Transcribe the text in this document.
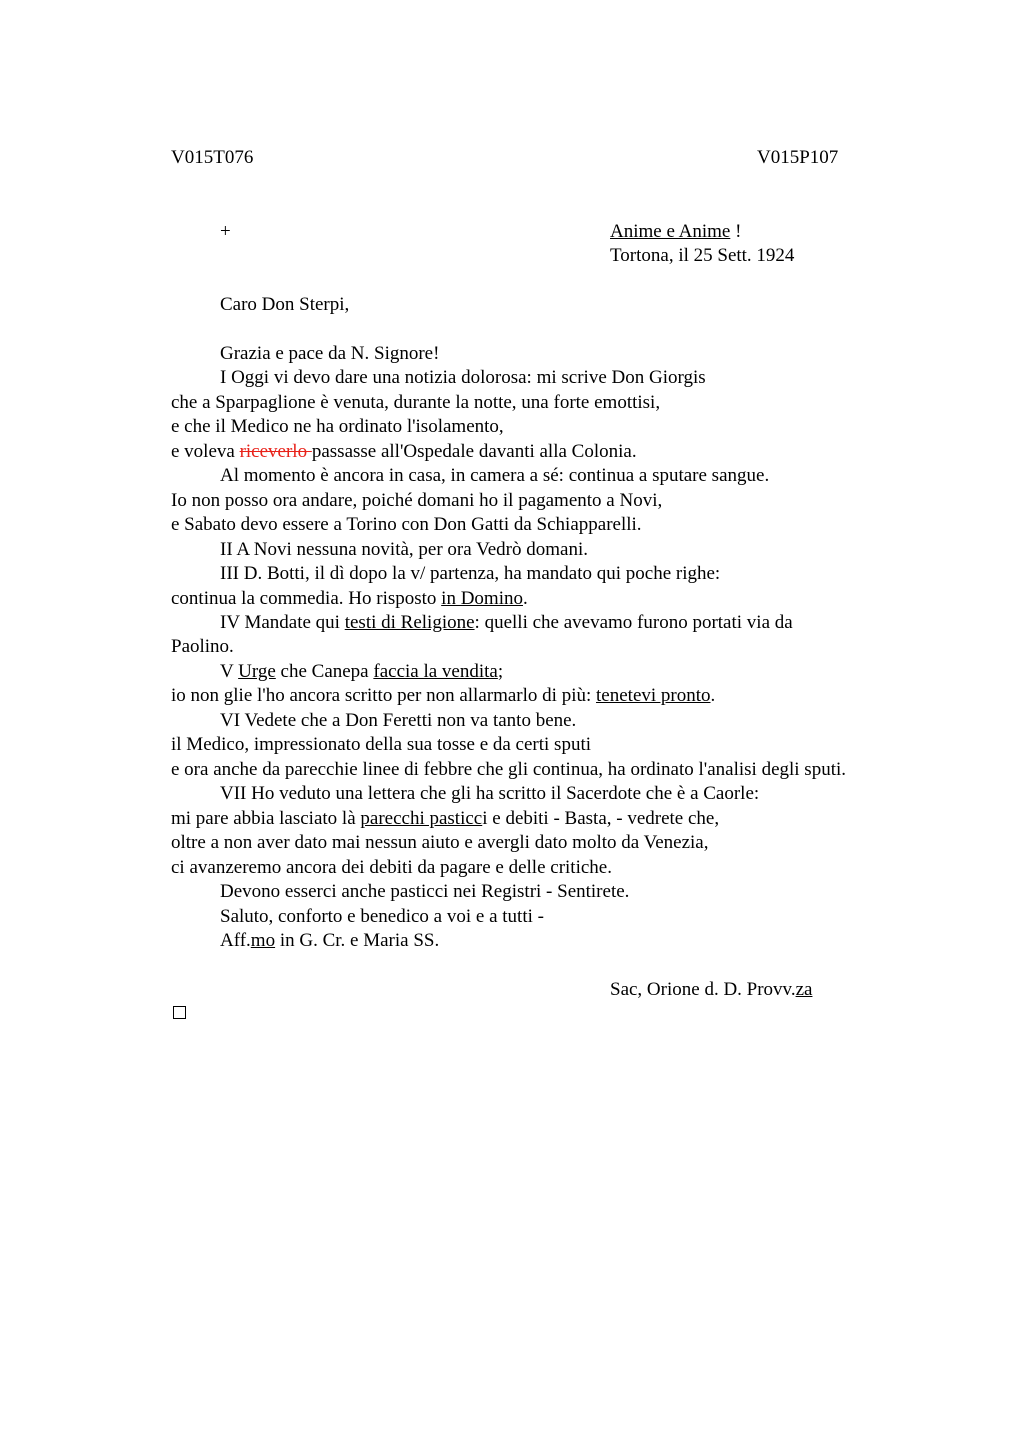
V015T076	V015P107
+	Anime e Anime !
Tortona, il 25 Sett. 1924
Caro Don Sterpi,
Grazia e pace da N. Signore!
I Oggi vi devo dare una notizia dolorosa: mi scrive Don Giorgis
che a Sparpaglione è venuta, durante la notte, una forte emottisi,
e che il Medico ne ha ordinato l'isolamento,
e voleva riceverlo passasse all'Ospedale davanti alla Colonia.
Al momento è ancora in casa, in camera a sé: continua a sputare sangue.
Io non posso ora andare, poiché domani ho il pagamento a Novi,
e Sabato devo essere a Torino con Don Gatti da Schiapparelli.
II A Novi nessuna novità, per ora Vedrò domani.
III D. Botti, il dì dopo la v/ partenza, ha mandato qui poche righe:
continua la commedia. Ho risposto in Domino.
IV Mandate qui testi di Religione: quelli che avevamo furono portati via da
Paolino.
V Urge che Canepa faccia la vendita;
io non glie l'ho ancora scritto per non allarmarlo di più: tenetevi pronto.
VI Vedete che a Don Feretti non va tanto bene.
il Medico, impressionato della sua tosse e da certi sputi
e ora anche da parecchie linee di febbre che gli continua, ha ordinato l'analisi degli sputi.
VII Ho veduto una lettera che gli ha scritto il Sacerdote che è a Caorle:
mi pare abbia lasciato là parecchi pasticci e debiti - Basta, - vedrete che,
oltre a non aver dato mai nessun aiuto e avergli dato molto da Venezia,
ci avanzeremo ancora dei debiti da pagare e delle critiche.
Devono esserci anche pasticci nei Registri - Sentirete.
Saluto, conforto e benedico a voi e a tutti -
Aff.mo in G. Cr. e Maria SS.
Sac, Orione d. D. Provv.za
